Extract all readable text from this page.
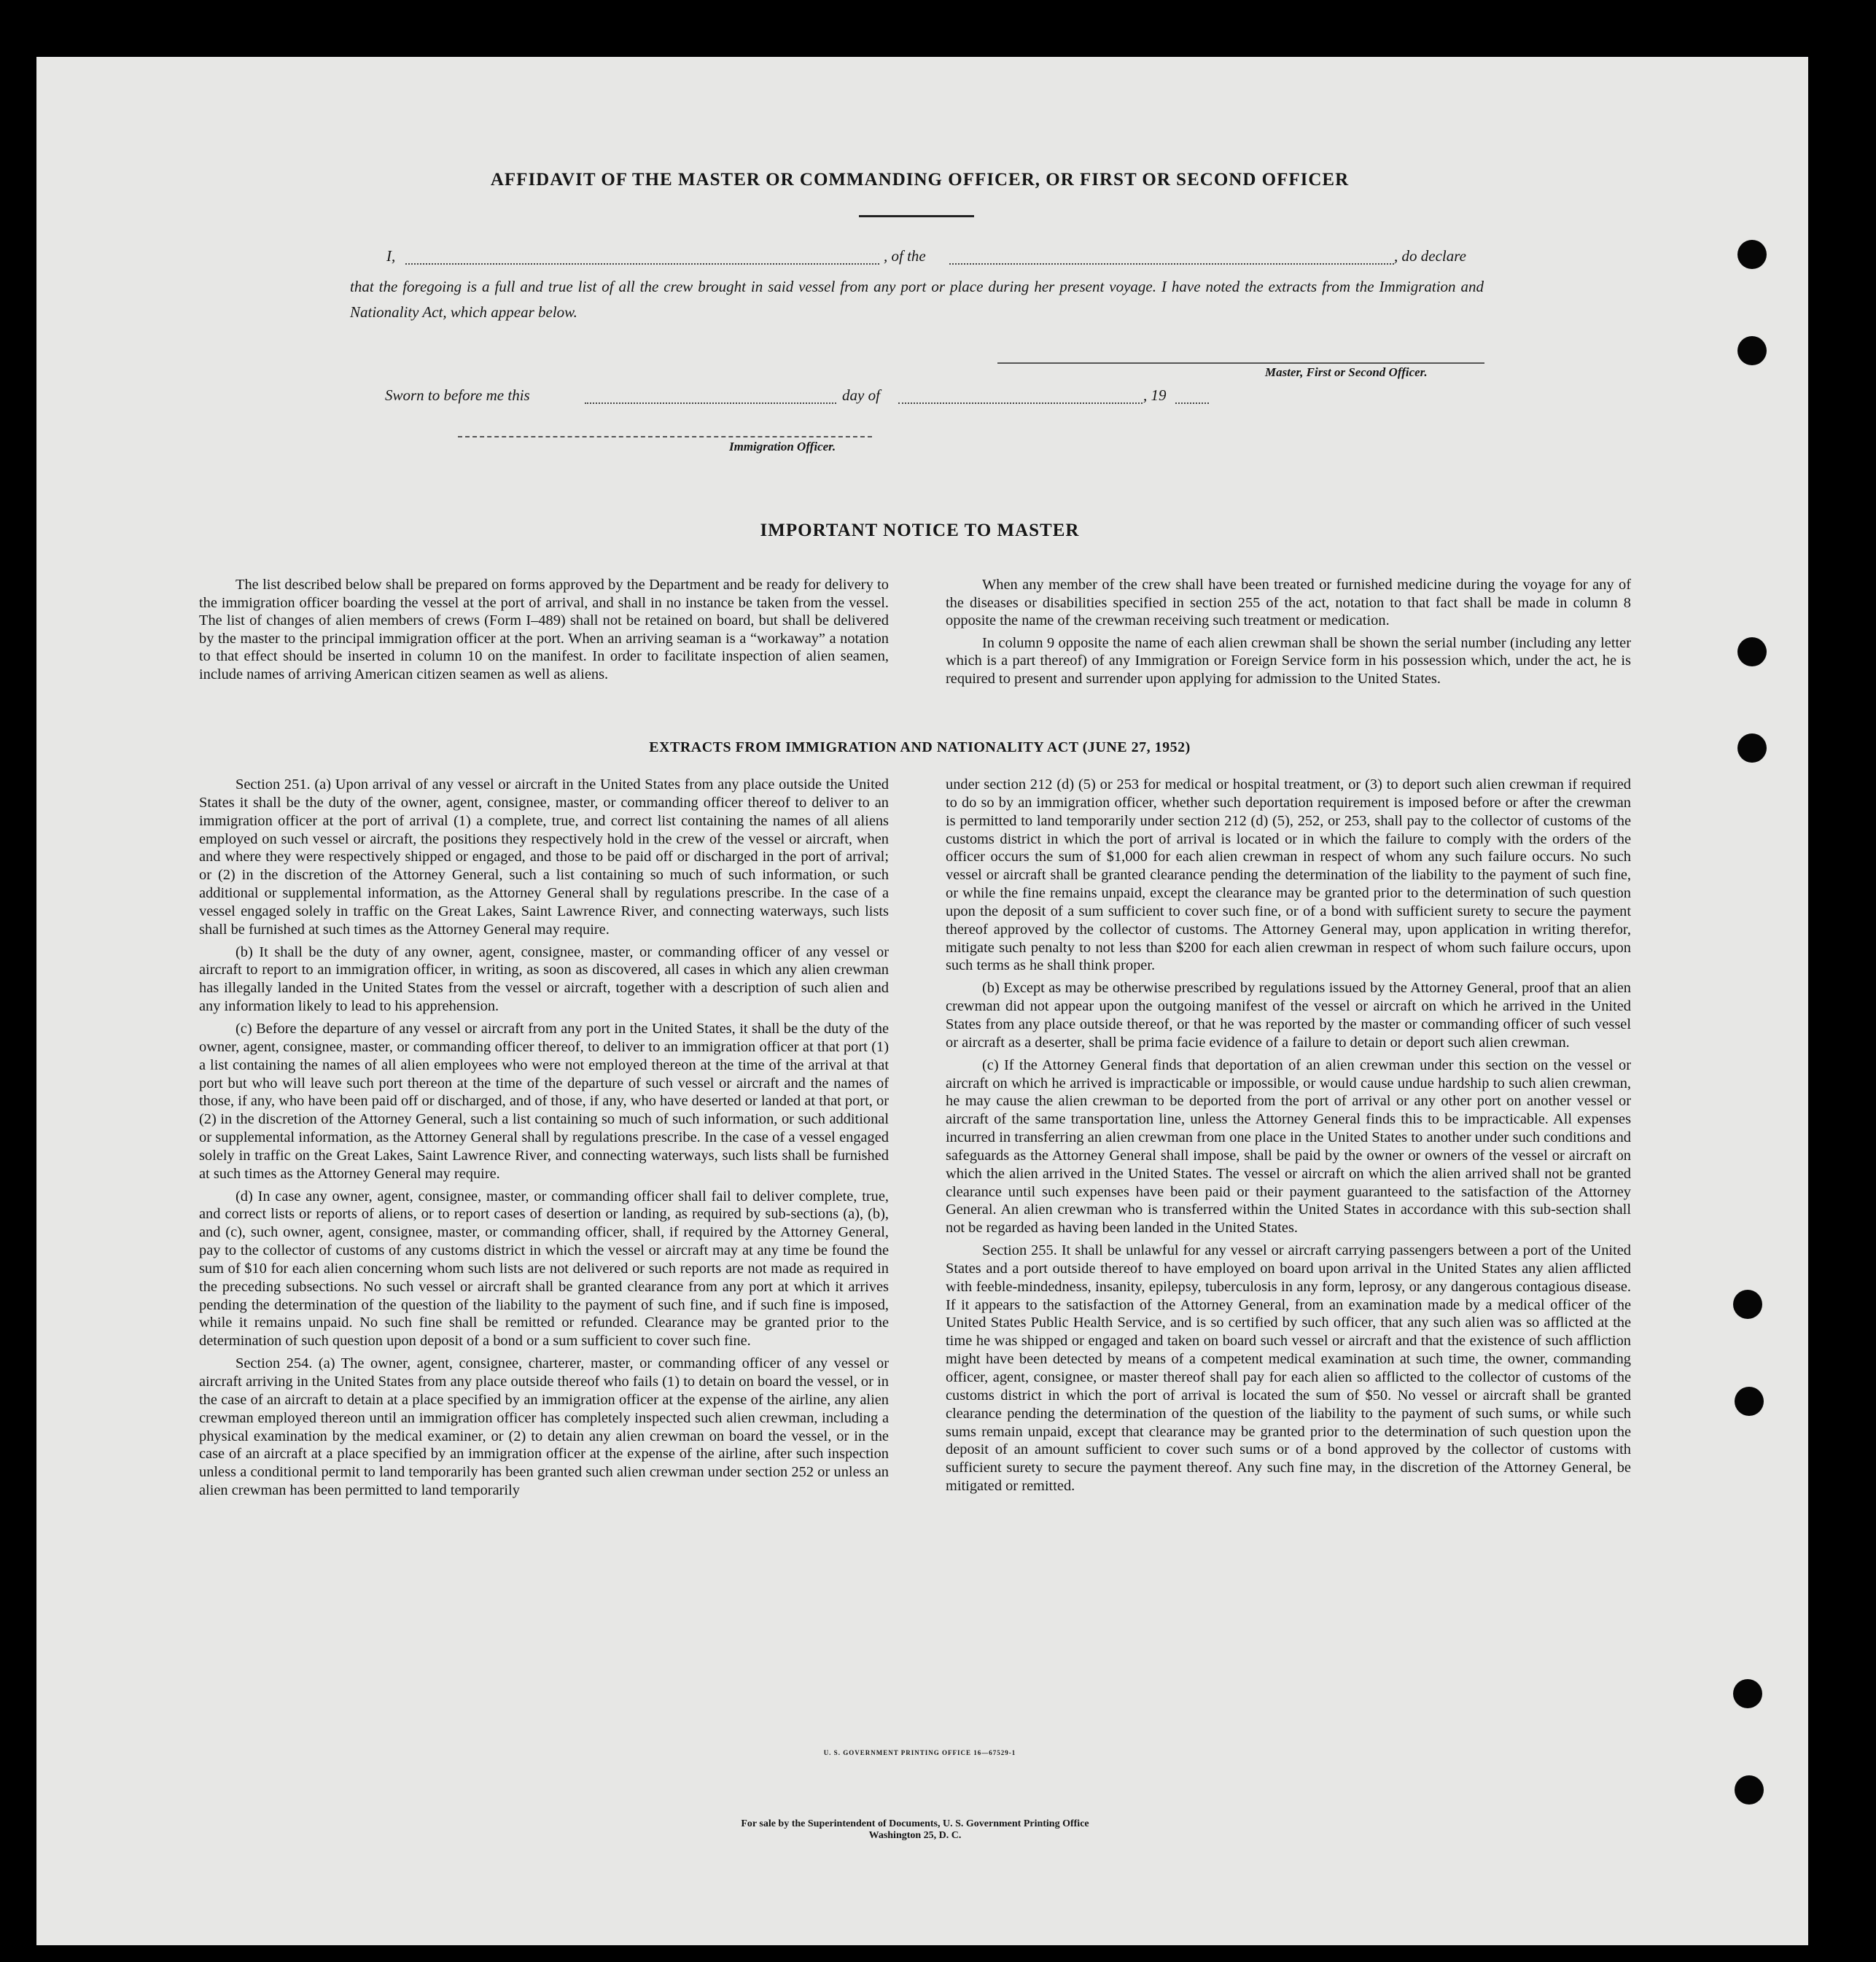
AFFIDAVIT OF THE MASTER OR COMMANDING OFFICER, OR FIRST OR SECOND OFFICER
I,	, of the	, do declare
that the foregoing is a full and true list of all the crew brought in said vessel from any port or place during her present voyage. I have noted the extracts from the Immigration and Nationality Act, which appear below.
Master, First or Second Officer.
Sworn to before me this	day of	, 19
Immigration Officer.
IMPORTANT NOTICE TO MASTER

The list described below shall be prepared on forms approved by the Department and be ready for delivery to the immigration officer boarding the vessel at the port of arrival, and shall in no instance be taken from the vessel. The list of changes of alien members of crews (Form I–489) shall not be retained on board, but shall be delivered by the master to the principal immigration officer at the port. When an arriving seaman is a “workaway” a notation to that effect should be inserted in column 10 on the manifest. In order to facilitate inspection of alien seamen, include names of arriving American citizen seamen as well as aliens.

When any member of the crew shall have been treated or furnished medicine during the voyage for any of the diseases or disabilities specified in section 255 of the act, notation to that fact shall be made in column 8 opposite the name of the crewman receiving such treatment or medication.

In column 9 opposite the name of each alien crewman shall be shown the serial number (including any letter which is a part thereof) of any Immigration or Foreign Service form in his possession which, under the act, he is required to present and surrender upon applying for admission to the United States.

EXTRACTS FROM IMMIGRATION AND NATIONALITY ACT (JUNE 27, 1952)

Section 251. (a) Upon arrival of any vessel or aircraft in the United States from any place outside the United States it shall be the duty of the owner, agent, consignee, master, or commanding officer thereof to deliver to an immigration officer at the port of arrival (1) a complete, true, and correct list containing the names of all aliens employed on such vessel or aircraft, the positions they respectively hold in the crew of the vessel or aircraft, when and where they were respectively shipped or engaged, and those to be paid off or discharged in the port of arrival; or (2) in the discretion of the Attorney General, such a list containing so much of such information, or such additional or supplemental information, as the Attorney General shall by regulations prescribe. In the case of a vessel engaged solely in traffic on the Great Lakes, Saint Lawrence River, and connecting waterways, such lists shall be furnished at such times as the Attorney General may require.

(b) It shall be the duty of any owner, agent, consignee, master, or commanding officer of any vessel or aircraft to report to an immigration officer, in writing, as soon as discovered, all cases in which any alien crewman has illegally landed in the United States from the vessel or aircraft, together with a description of such alien and any information likely to lead to his apprehension.

(c) Before the departure of any vessel or aircraft from any port in the United States, it shall be the duty of the owner, agent, consignee, master, or commanding officer thereof, to deliver to an immigration officer at that port (1) a list containing the names of all alien employees who were not employed thereon at the time of the arrival at that port but who will leave such port thereon at the time of the departure of such vessel or aircraft and the names of those, if any, who have been paid off or discharged, and of those, if any, who have deserted or landed at that port, or (2) in the discretion of the Attorney General, such a list containing so much of such information, or such additional or supplemental information, as the Attorney General shall by regulations prescribe. In the case of a vessel engaged solely in traffic on the Great Lakes, Saint Lawrence River, and connecting waterways, such lists shall be furnished at such times as the Attorney General may require.

(d) In case any owner, agent, consignee, master, or commanding officer shall fail to deliver complete, true, and correct lists or reports of aliens, or to report cases of desertion or landing, as required by sub-sections (a), (b), and (c), such owner, agent, consignee, master, or commanding officer, shall, if required by the Attorney General, pay to the collector of customs of any customs district in which the vessel or aircraft may at any time be found the sum of $10 for each alien concerning whom such lists are not delivered or such reports are not made as required in the preceding subsections. No such vessel or aircraft shall be granted clearance from any port at which it arrives pending the determination of the question of the liability to the payment of such fine, and if such fine is imposed, while it remains unpaid. No such fine shall be remitted or refunded. Clearance may be granted prior to the determination of such question upon deposit of a bond or a sum sufficient to cover such fine.

Section 254. (a) The owner, agent, consignee, charterer, master, or commanding officer of any vessel or aircraft arriving in the United States from any place outside thereof who fails (1) to detain on board the vessel, or in the case of an aircraft to detain at a place specified by an immigration officer at the expense of the airline, any alien crewman employed thereon until an immigration officer has completely inspected such alien crewman, including a physical examination by the medical examiner, or (2) to detain any alien crewman on board the vessel, or in the case of an aircraft at a place specified by an immigration officer at the expense of the airline, after such inspection unless a conditional permit to land temporarily has been granted such alien crewman under section 252 or unless an alien crewman has been permitted to land temporarily

under section 212 (d) (5) or 253 for medical or hospital treatment, or (3) to deport such alien crewman if required to do so by an immigration officer, whether such deportation requirement is imposed before or after the crewman is permitted to land temporarily under section 212 (d) (5), 252, or 253, shall pay to the collector of customs of the customs district in which the port of arrival is located or in which the failure to comply with the orders of the officer occurs the sum of $1,000 for each alien crewman in respect of whom any such failure occurs. No such vessel or aircraft shall be granted clearance pending the determination of the liability to the payment of such fine, or while the fine remains unpaid, except the clearance may be granted prior to the determination of such question upon the deposit of a sum sufficient to cover such fine, or of a bond with sufficient surety to secure the payment thereof approved by the collector of customs. The Attorney General may, upon application in writing therefor, mitigate such penalty to not less than $200 for each alien crewman in respect of whom such failure occurs, upon such terms as he shall think proper.

(b) Except as may be otherwise prescribed by regulations issued by the Attorney General, proof that an alien crewman did not appear upon the outgoing manifest of the vessel or aircraft on which he arrived in the United States from any place outside thereof, or that he was reported by the master or commanding officer of such vessel or aircraft as a deserter, shall be prima facie evidence of a failure to detain or deport such alien crewman.

(c) If the Attorney General finds that deportation of an alien crewman under this section on the vessel or aircraft on which he arrived is impracticable or impossible, or would cause undue hardship to such alien crewman, he may cause the alien crewman to be deported from the port of arrival or any other port on another vessel or aircraft of the same transportation line, unless the Attorney General finds this to be impracticable. All expenses incurred in transferring an alien crewman from one place in the United States to another under such conditions and safeguards as the Attorney General shall impose, shall be paid by the owner or owners of the vessel or aircraft on which the alien arrived in the United States. The vessel or aircraft on which the alien arrived shall not be granted clearance until such expenses have been paid or their payment guaranteed to the satisfaction of the Attorney General. An alien crewman who is transferred within the United States in accordance with this sub-section shall not be regarded as having been landed in the United States.

Section 255. It shall be unlawful for any vessel or aircraft carrying passengers between a port of the United States and a port outside thereof to have employed on board upon arrival in the United States any alien afflicted with feeble-mindedness, insanity, epilepsy, tuberculosis in any form, leprosy, or any dangerous contagious disease. If it appears to the satisfaction of the Attorney General, from an examination made by a medical officer of the United States Public Health Service, and is so certified by such officer, that any such alien was so afflicted at the time he was shipped or engaged and taken on board such vessel or aircraft and that the existence of such affliction might have been detected by means of a competent medical examination at such time, the owner, commanding officer, agent, consignee, or master thereof shall pay for each alien so afflicted to the collector of customs of the customs district in which the port of arrival is located the sum of $50. No vessel or aircraft shall be granted clearance pending the determination of the question of the liability to the payment of such sums, or while such sums remain unpaid, except that clearance may be granted prior to the determination of such question upon the deposit of an amount sufficient to cover such sums or of a bond approved by the collector of customs with sufficient surety to secure the payment thereof. Any such fine may, in the discretion of the Attorney General, be mitigated or remitted.

U. S. GOVERNMENT PRINTING OFFICE 16—67529-1
For sale by the Superintendent of Documents, U. S. Government Printing Office
Washington 25, D. C.
